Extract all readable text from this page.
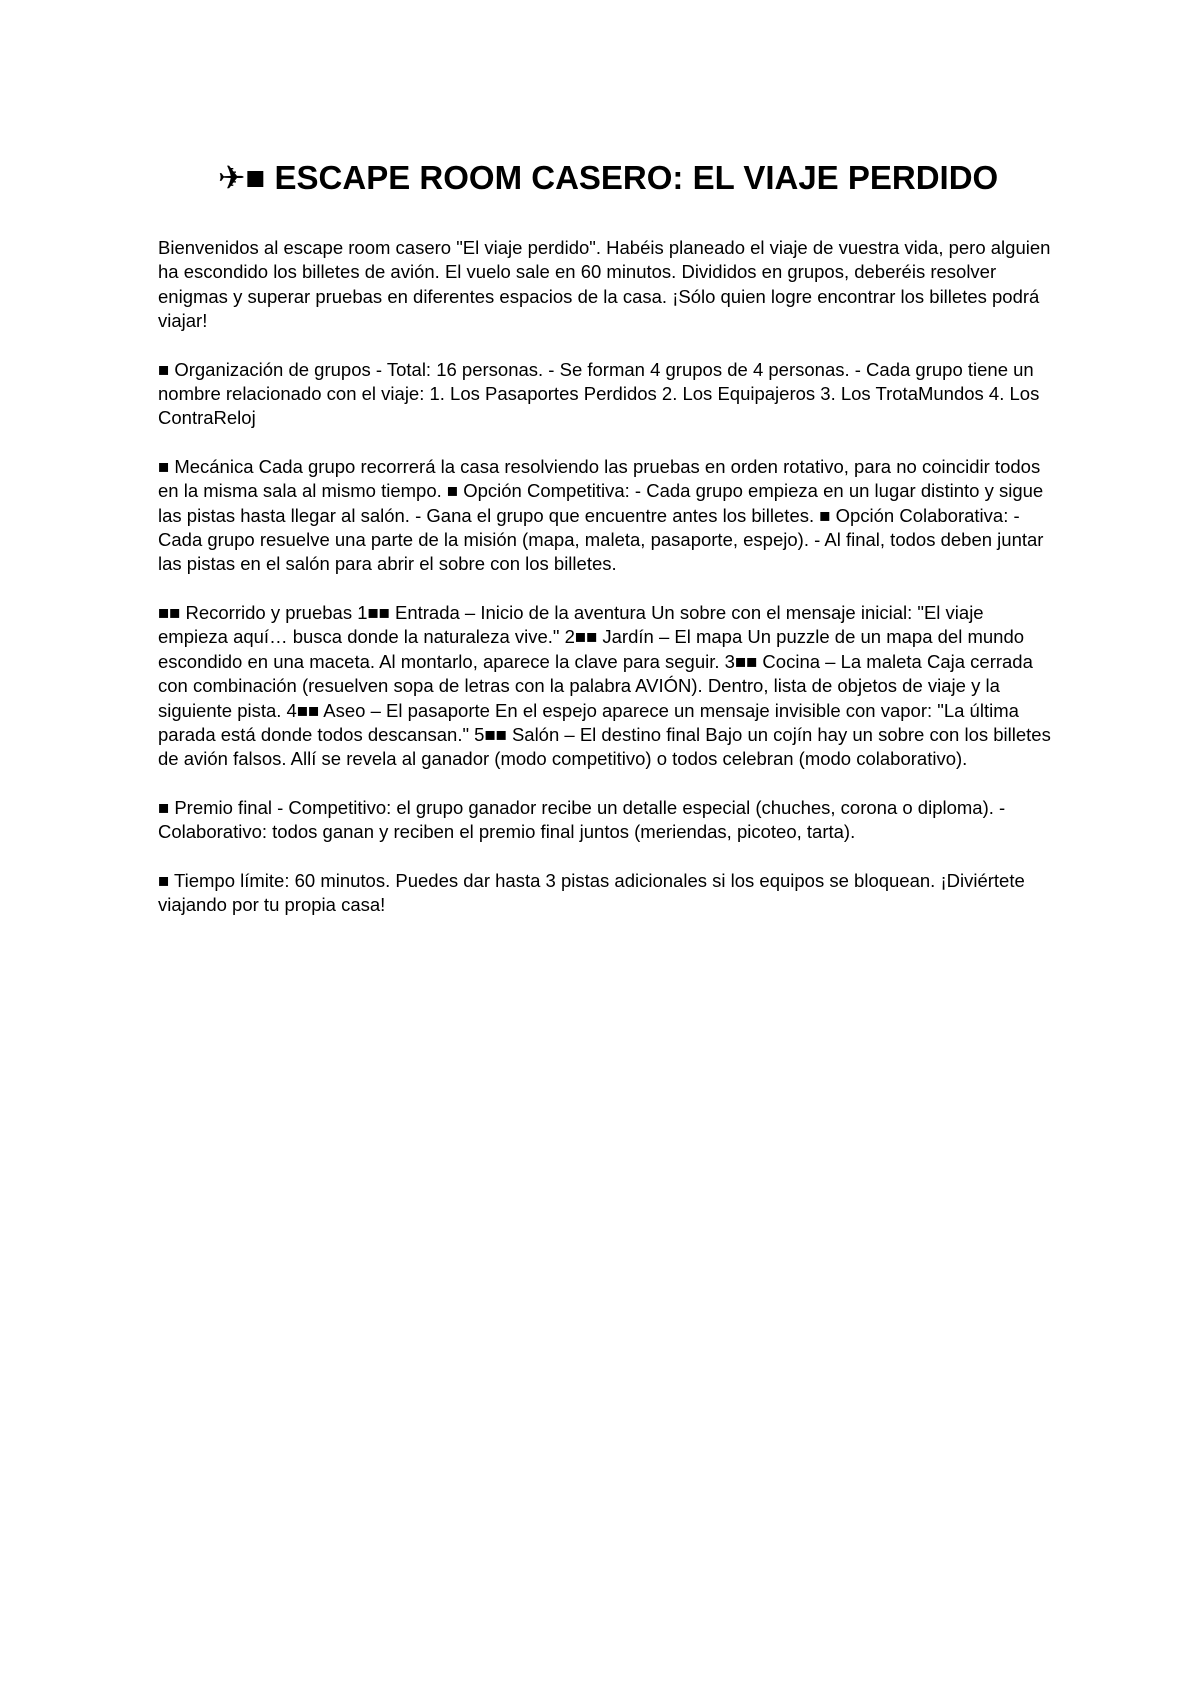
✈■ ESCAPE ROOM CASERO: EL VIAJE PERDIDO

Bienvenidos al escape room casero "El viaje perdido". Habéis planeado el viaje de vuestra vida, pero alguien ha escondido los billetes de avión. El vuelo sale en 60 minutos. Divididos en grupos, deberéis resolver enigmas y superar pruebas en diferentes espacios de la casa. ¡Sólo quien logre encontrar los billetes podrá viajar!

■ Organización de grupos - Total: 16 personas. - Se forman 4 grupos de 4 personas. - Cada grupo tiene un nombre relacionado con el viaje: 1. Los Pasaportes Perdidos 2. Los Equipajeros 3. Los TrotaMundos 4. Los ContraReloj

■ Mecánica Cada grupo recorrerá la casa resolviendo las pruebas en orden rotativo, para no coincidir todos en la misma sala al mismo tiempo. ■ Opción Competitiva: - Cada grupo empieza en un lugar distinto y sigue las pistas hasta llegar al salón. - Gana el grupo que encuentre antes los billetes. ■ Opción Colaborativa: - Cada grupo resuelve una parte de la misión (mapa, maleta, pasaporte, espejo). - Al final, todos deben juntar las pistas en el salón para abrir el sobre con los billetes.

■■ Recorrido y pruebas 1■■ Entrada – Inicio de la aventura Un sobre con el mensaje inicial: "El viaje empieza aquí… busca donde la naturaleza vive." 2■■ Jardín – El mapa Un puzzle de un mapa del mundo escondido en una maceta. Al montarlo, aparece la clave para seguir. 3■■ Cocina – La maleta Caja cerrada con combinación (resuelven sopa de letras con la palabra AVIÓN). Dentro, lista de objetos de viaje y la siguiente pista. 4■■ Aseo – El pasaporte En el espejo aparece un mensaje invisible con vapor: "La última parada está donde todos descansan." 5■■ Salón – El destino final Bajo un cojín hay un sobre con los billetes de avión falsos. Allí se revela al ganador (modo competitivo) o todos celebran (modo colaborativo).

■ Premio final - Competitivo: el grupo ganador recibe un detalle especial (chuches, corona o diploma). - Colaborativo: todos ganan y reciben el premio final juntos (meriendas, picoteo, tarta).

■ Tiempo límite: 60 minutos. Puedes dar hasta 3 pistas adicionales si los equipos se bloquean. ¡Diviértete viajando por tu propia casa!
